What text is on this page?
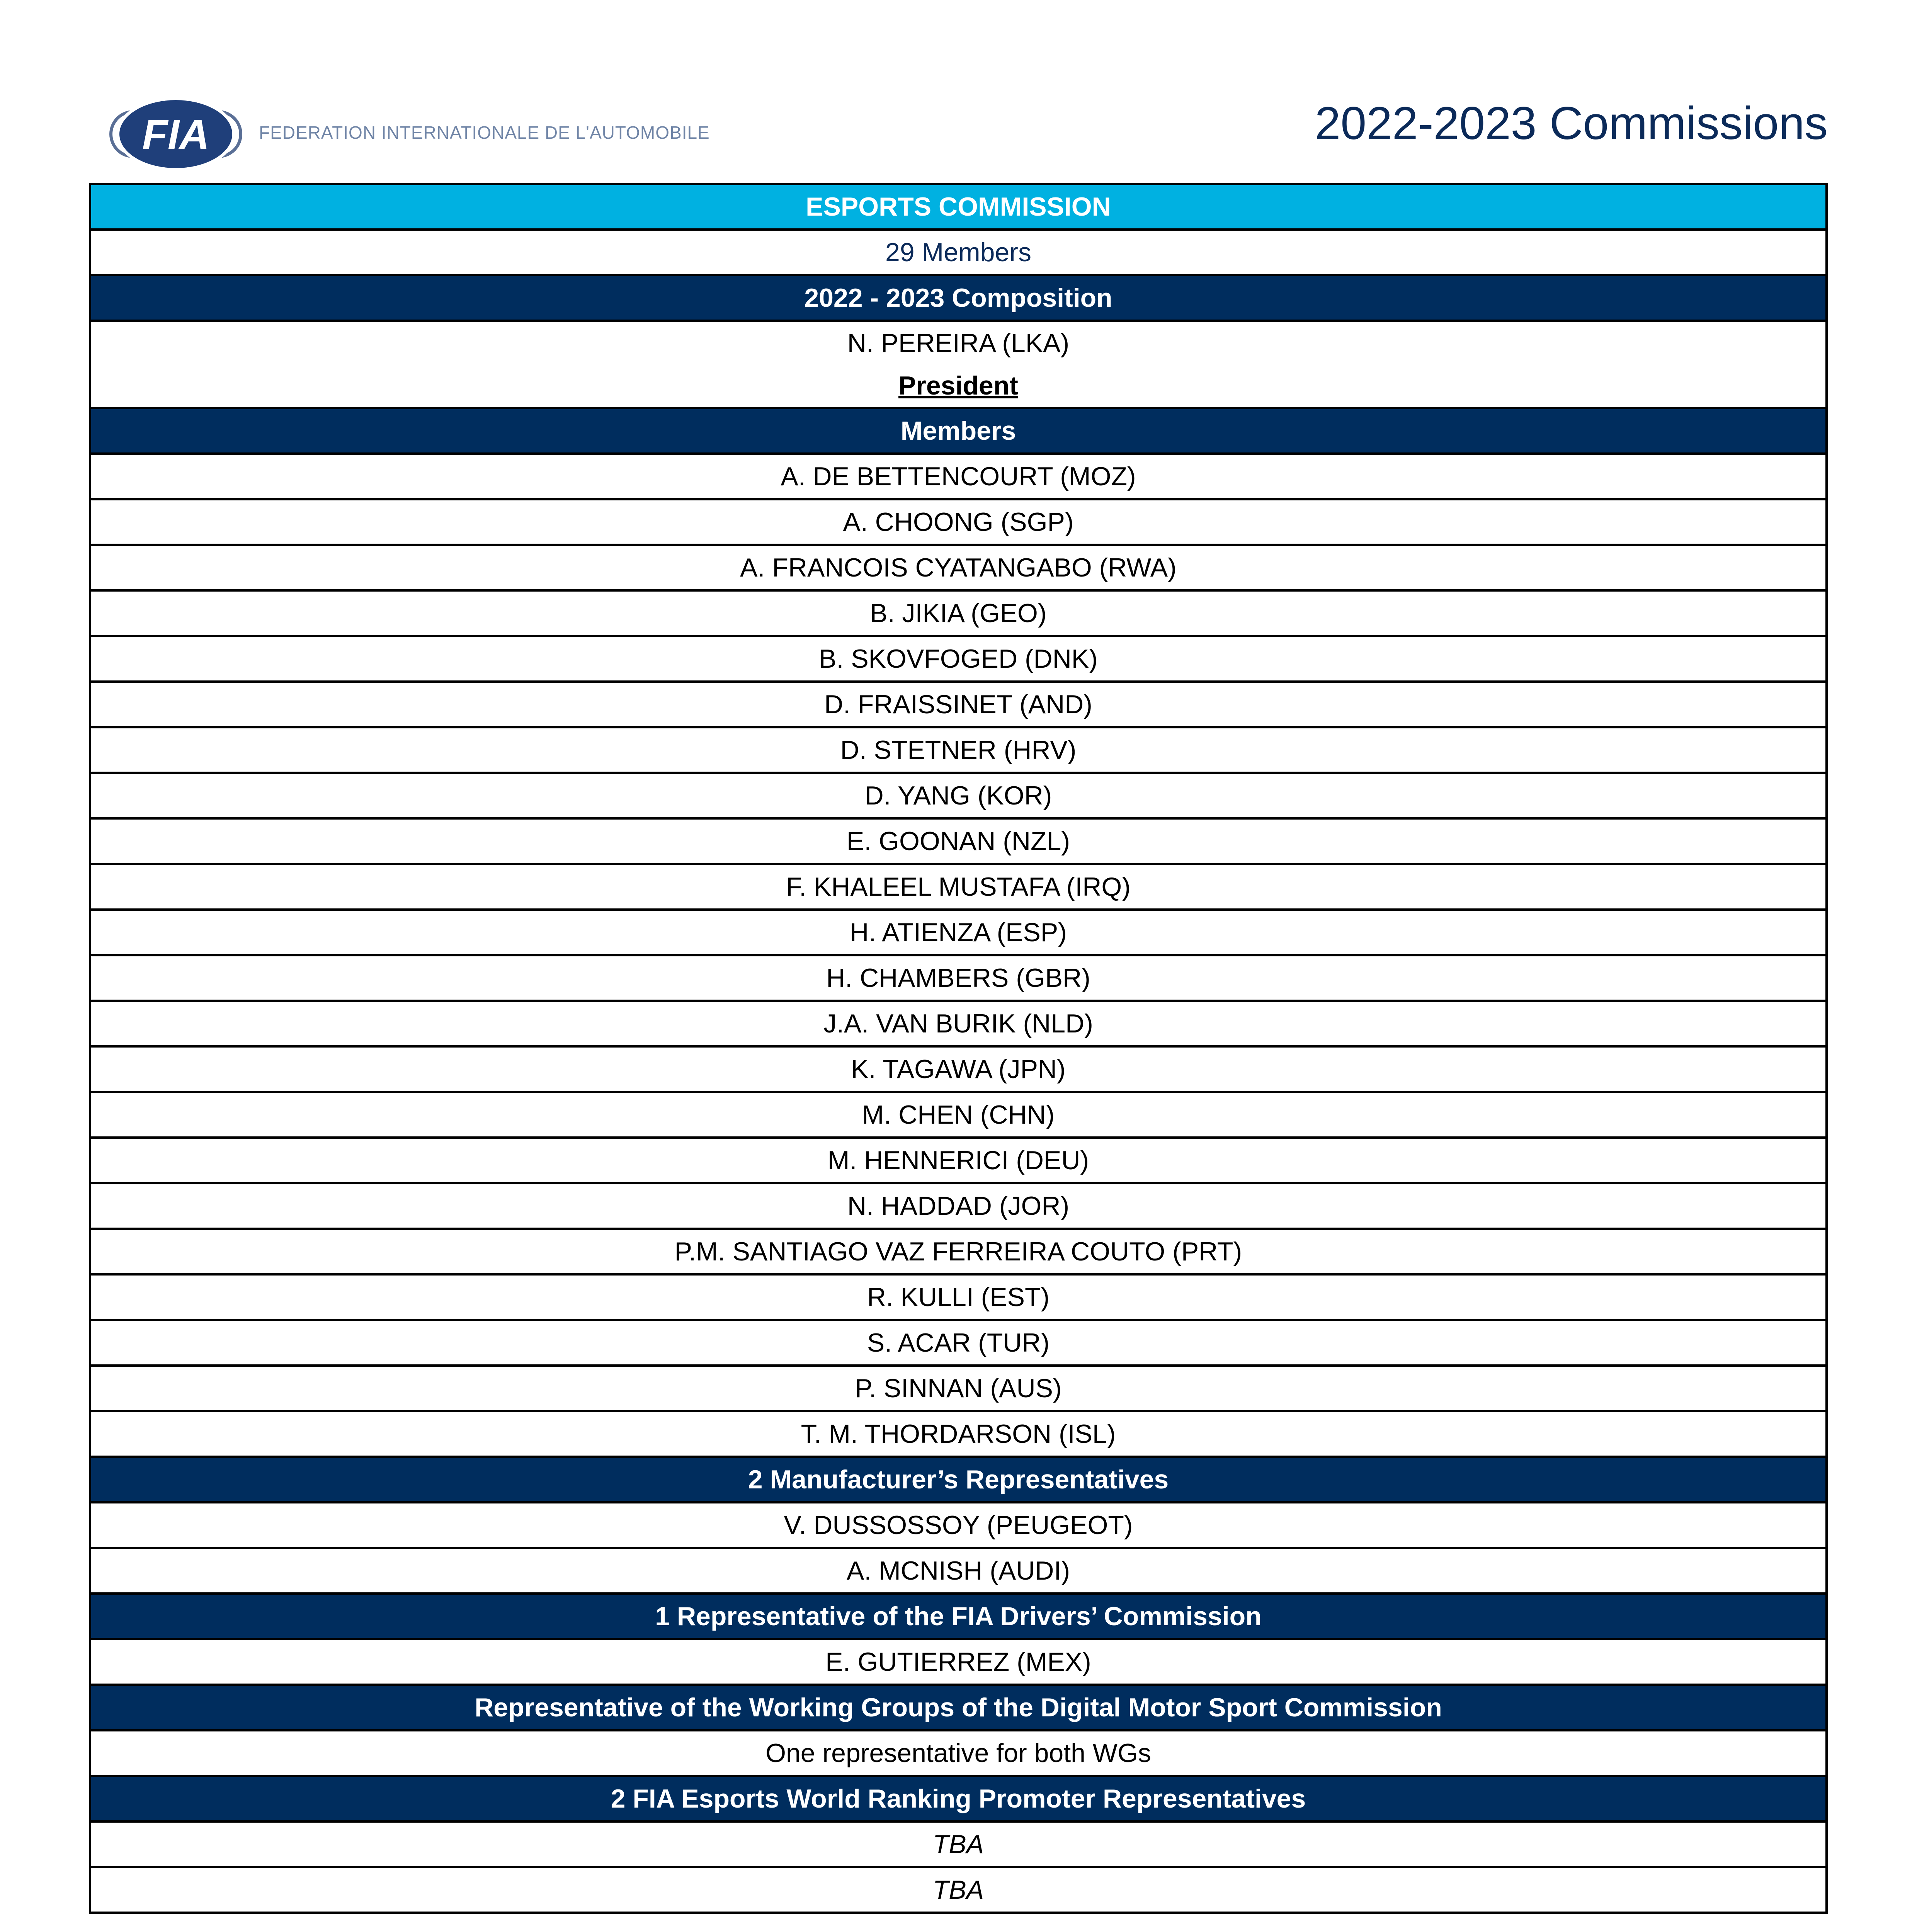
FIA	FEDERATION INTERNATIONALE DE L'AUTOMOBILE	2022-2023 Commissions
ESPORTS COMMISSION
29 Members
2022 - 2023 Composition

N. PEREIRA (LKA)
President

Members
A. DE BETTENCOURT (MOZ)
A. CHOONG (SGP)
A. FRANCOIS CYATANGABO (RWA)
B. JIKIA (GEO)
B. SKOVFOGED (DNK)
D. FRAISSINET (AND)
D. STETNER (HRV)
D. YANG (KOR)
E. GOONAN (NZL)
F. KHALEEL MUSTAFA (IRQ)
H. ATIENZA (ESP)
H. CHAMBERS (GBR)
J.A. VAN BURIK (NLD)
K. TAGAWA (JPN)
M. CHEN (CHN)
M. HENNERICI (DEU)
N. HADDAD (JOR)
P.M. SANTIAGO VAZ FERREIRA COUTO (PRT)
R. KULLI (EST)
S. ACAR (TUR)
P. SINNAN (AUS)
T. M. THORDARSON (ISL)
2 Manufacturer’s Representatives
V. DUSSOSSOY (PEUGEOT)
A. MCNISH (AUDI)
1 Representative of the FIA Drivers’ Commission
E. GUTIERREZ (MEX)
Representative of the Working Groups of the Digital Motor Sport Commission
One representative for both WGs
2 FIA Esports World Ranking Promoter Representatives
TBA
TBA
